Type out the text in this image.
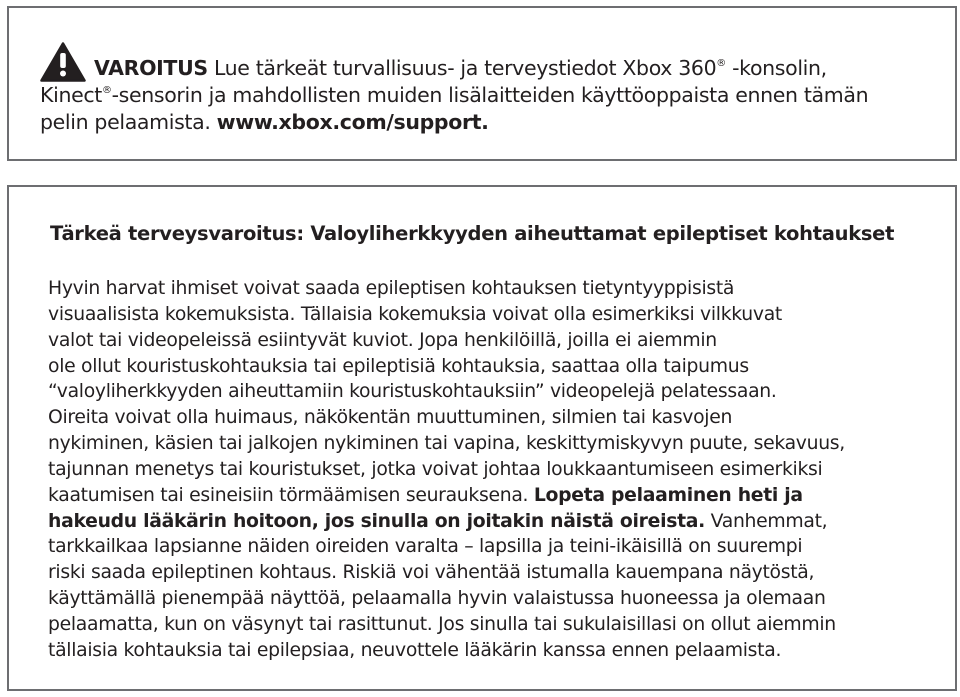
VAROITUS Lue tärkeät turvallisuus- ja terveystiedot Xbox 360® -konsolin,
Kinect®-sensorin ja mahdollisten muiden lisälaitteiden käyttöoppaista ennen tämän
pelin pelaamista. www.xbox.com/support.
Tärkeä terveysvaroitus: Valoyliherkkyyden aiheuttamat epileptiset kohtaukset
Hyvin harvat ihmiset voivat saada epileptisen kohtauksen tietyntyyppisistä
visuaalisista kokemuksista. Tällaisia kokemuksia voivat olla esimerkiksi vilkkuvat
valot tai videopeleissä esiintyvät kuviot. Jopa henkilöillä, joilla ei aiemmin
ole ollut kouristuskohtauksia tai epileptisiä kohtauksia, saattaa olla taipumus
“valoyliherkkyyden aiheuttamiin kouristuskohtauksiin” videopelejä pelatessaan.
Oireita voivat olla huimaus, näkökentän muuttuminen, silmien tai kasvojen
nykiminen, käsien tai jalkojen nykiminen tai vapina, keskittymiskyvyn puute, sekavuus,
tajunnan menetys tai kouristukset, jotka voivat johtaa loukkaantumiseen esimerkiksi
kaatumisen tai esineisiin törmäämisen seurauksena. Lopeta pelaaminen heti ja
hakeudu lääkärin hoitoon, jos sinulla on joitakin näistä oireista. Vanhemmat,
tarkkailkaa lapsianne näiden oireiden varalta – lapsilla ja teini-ikäisillä on suurempi
riski saada epileptinen kohtaus. Riskiä voi vähentää istumalla kauempana näytöstä,
käyttämällä pienempää näyttöä, pelaamalla hyvin valaistussa huoneessa ja olemaan
pelaamatta, kun on väsynyt tai rasittunut. Jos sinulla tai sukulaisillasi on ollut aiemmin
tällaisia kohtauksia tai epilepsiaa, neuvottele lääkärin kanssa ennen pelaamista.
